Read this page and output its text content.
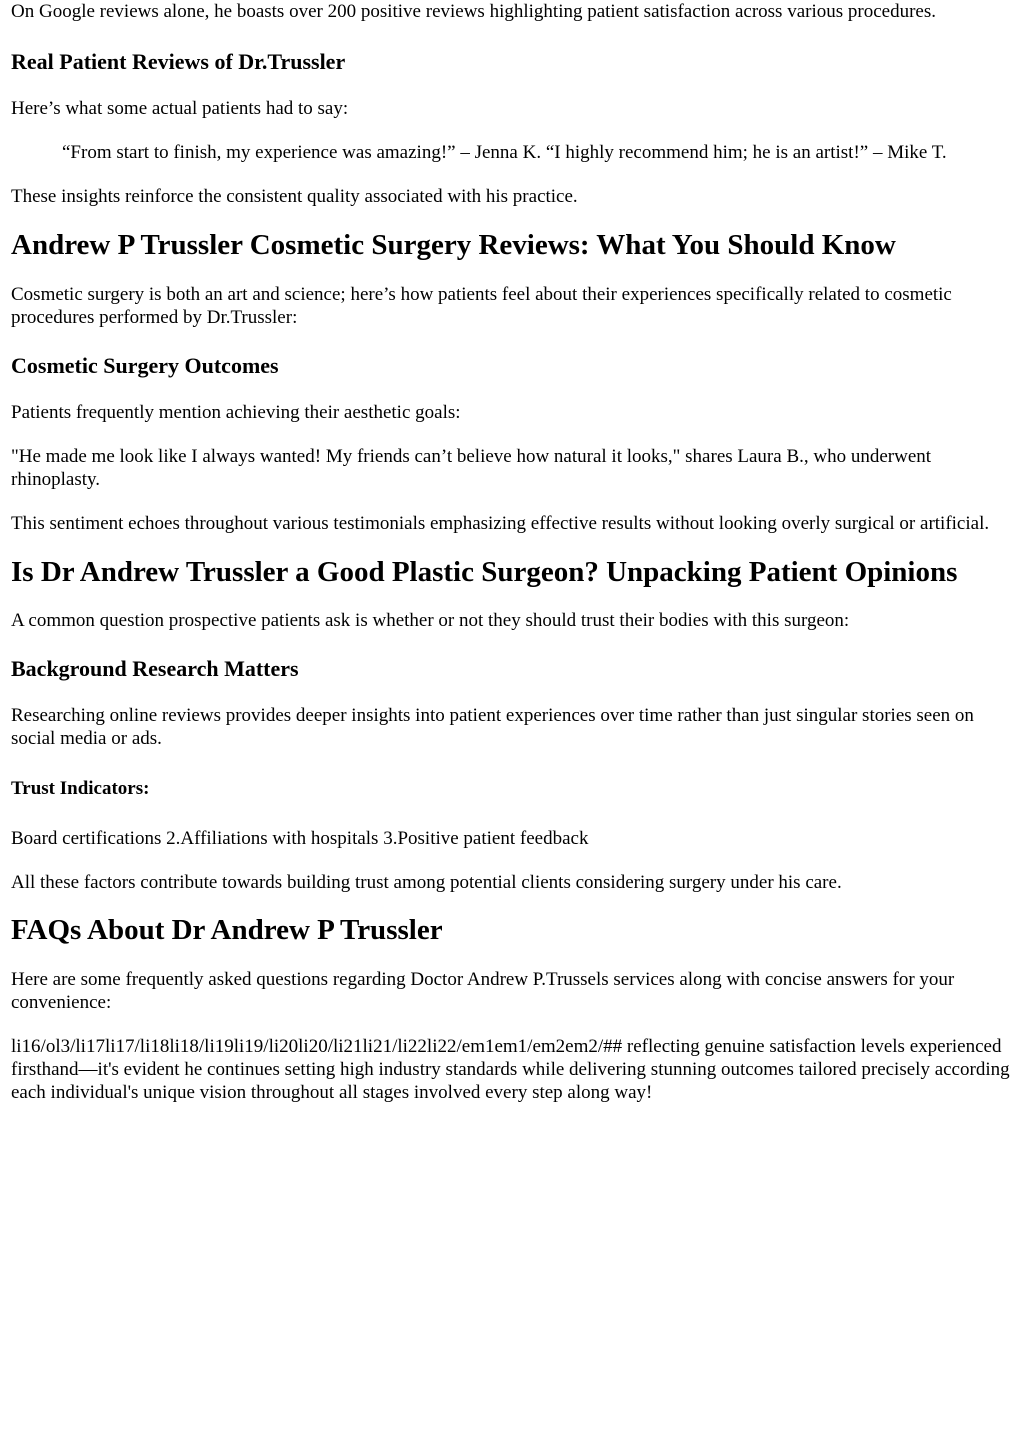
On Google reviews alone, he boasts over 200 positive reviews highlighting patient satisfaction across various procedures.

Real Patient Reviews of Dr.Trussler

Here’s what some actual patients had to say:

“From start to finish, my experience was amazing!” – Jenna K. “I highly recommend him; he is an artist!” – Mike T.

These insights reinforce the consistent quality associated with his practice.

Andrew P Trussler Cosmetic Surgery Reviews: What You Should Know

Cosmetic surgery is both an art and science; here’s how patients feel about their experiences specifically related to cosmetic procedures performed by Dr.Trussler:

Cosmetic Surgery Outcomes

Patients frequently mention achieving their aesthetic goals:

"He made me look like I always wanted! My friends can’t believe how natural it looks," shares Laura B., who underwent rhinoplasty.

This sentiment echoes throughout various testimonials emphasizing effective results without looking overly surgical or artificial.

Is Dr Andrew Trussler a Good Plastic Surgeon? Unpacking Patient Opinions

A common question prospective patients ask is whether or not they should trust their bodies with this surgeon:

Background Research Matters

Researching online reviews provides deeper insights into patient experiences over time rather than just singular stories seen on social media or ads.

Trust Indicators:

Board certifications 2.Affiliations with hospitals 3.Positive patient feedback

All these factors contribute towards building trust among potential clients considering surgery under his care.

FAQs About Dr Andrew P Trussler

Here are some frequently asked questions regarding Doctor Andrew P.Trussels services along with concise answers for your convenience:

li16/ol3/li17li17/li18li18/li19li19/li20li20/li21li21/li22li22/em1em1/em2em2/## reflecting genuine satisfaction levels experienced firsthand—it's evident he continues setting high industry standards while delivering stunning outcomes tailored precisely according each individual's unique vision throughout all stages involved every step along way!
